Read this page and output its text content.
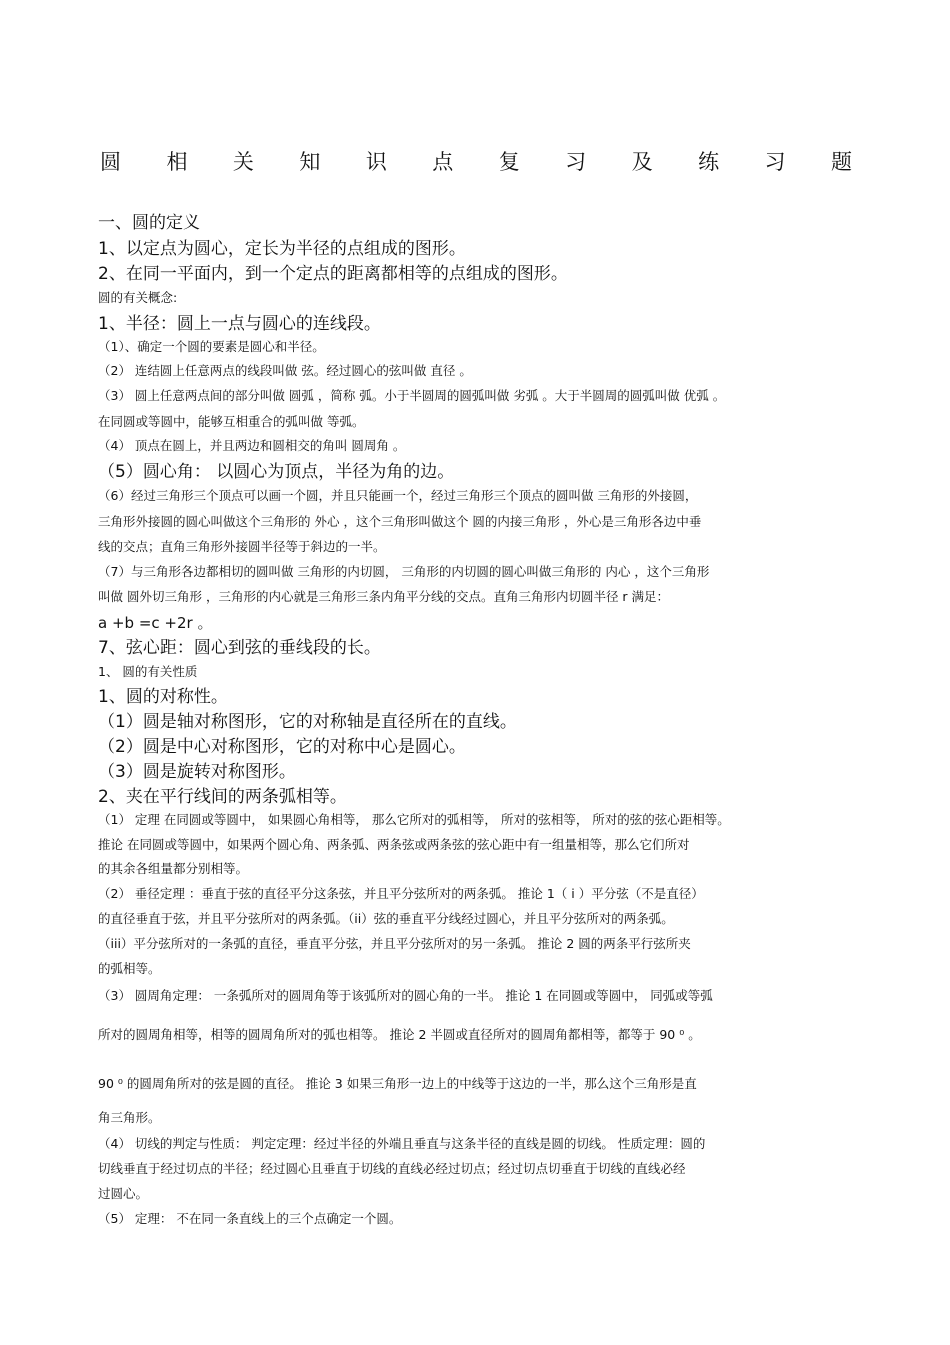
圆 相 关 知 识 点 复 习 及 练 习 题
一、圆的定义
1、以定点为圆心，定长为半径的点组成的图形。
2、在同一平面内，到一个定点的距离都相等的点组成的图形。
圆的有关概念:
1、半径：圆上一点与圆心的连线段。
（1）、确定一个圆的要素是圆心和半径。
（2） 连结圆上任意两点的线段叫做 弦。经过圆心的弦叫做 直径 。
（3） 圆上任意两点间的部分叫做 圆弧 ，简称 弧。小于半圆周的圆弧叫做 劣弧 。大于半圆周的圆弧叫做 优弧 。
在同圆或等圆中，能够互相重合的弧叫做 等弧。
（4） 顶点在圆上，并且两边和圆相交的角叫 圆周角 。
（5）圆心角： 以圆心为顶点，半径为角的边。
（6）经过三角形三个顶点可以画一个圆，并且只能画一个，经过三角形三个顶点的圆叫做 三角形的外接圆，
三角形外接圆的圆心叫做这个三角形的 外心 ，这个三角形叫做这个 圆的内接三角形 ，外心是三角形各边中垂
线的交点；直角三角形外接圆半径等于斜边的一半。
（7）与三角形各边都相切的圆叫做 三角形的内切圆， 三角形的内切圆的圆心叫做三角形的 内心 ，这个三角形
叫做 圆外切三角形 ，三角形的内心就是三角形三条内角平分线的交点。直角三角形内切圆半径 r 满足：
a +b =c +2r 。
7、弦心距：圆心到弦的垂线段的长。
1、 圆的有关性质
1、圆的对称性。
（1）圆是轴对称图形，它的对称轴是直径所在的直线。
（2）圆是中心对称图形，它的对称中心是圆心。
（3）圆是旋转对称图形。
2、夹在平行线间的两条弧相等。
（1） 定理 在同圆或等圆中， 如果圆心角相等， 那么它所对的弧相等， 所对的弦相等， 所对的弦的弦心距相等。
推论 在同圆或等圆中，如果两个圆心角、两条弧、两条弦或两条弦的弦心距中有一组量相等，那么它们所对
的其余各组量都分别相等。
（2） 垂径定理 ：垂直于弦的直径平分这条弦，并且平分弦所对的两条弧。 推论 1（ i ）平分弦（不是直径）
的直径垂直于弦，并且平分弦所对的两条弧。（ii）弦的垂直平分线经过圆心，并且平分弦所对的两条弧。
（iii）平分弦所对的一条弧的直径，垂直平分弦，并且平分弦所对的另一条弧。 推论 2 圆的两条平行弦所夹
的弧相等。
（3） 圆周角定理： 一条弧所对的圆周角等于该弧所对的圆心角的一半。 推论 1 在同圆或等圆中， 同弧或等弧
所对的圆周角相等，相等的圆周角所对的弧也相等。 推论 2 半圆或直径所对的圆周角都相等，都等于 90 ⁰ 。
90 ⁰ 的圆周角所对的弦是圆的直径。 推论 3 如果三角形一边上的中线等于这边的一半，那么这个三角形是直
角三角形。
（4） 切线的判定与性质： 判定定理：经过半径的外端且垂直与这条半径的直线是圆的切线。 性质定理：圆的
切线垂直于经过切点的半径；经过圆心且垂直于切线的直线必经过切点；经过切点切垂直于切线的直线必经
过圆心。
（5） 定理： 不在同一条直线上的三个点确定一个圆。
